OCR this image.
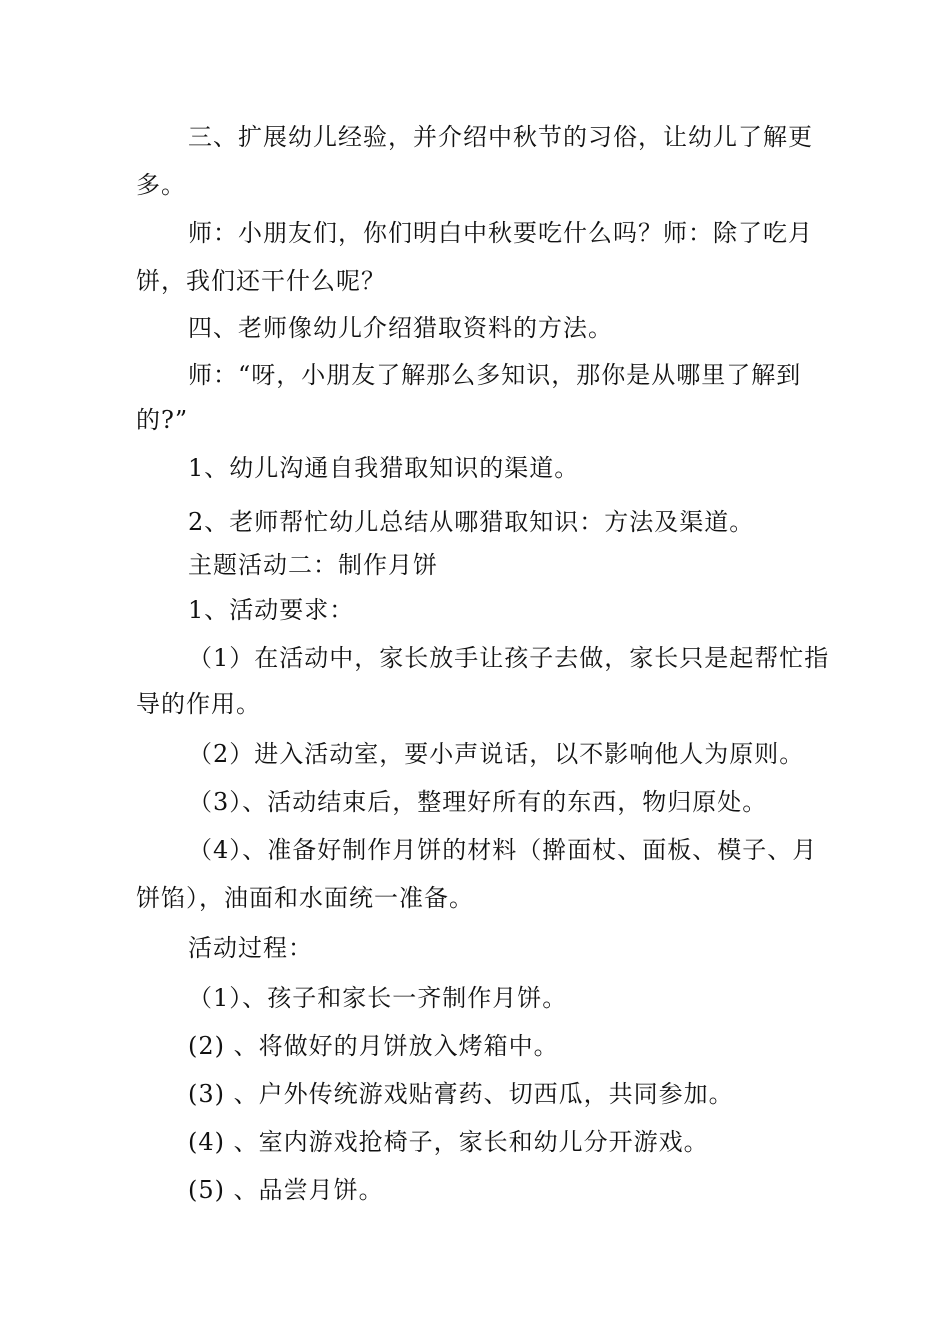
三、扩展幼儿经验，并介绍中秋节的习俗，让幼儿了解更
多。
师：小朋友们，你们明白中秋要吃什么吗？师：除了吃月
饼，我们还干什么呢？
四、老师像幼儿介绍猎取资料的方法。
师：“呀，小朋友了解那么多知识，那你是从哪里了解到
的?”
1、幼儿沟通自我猎取知识的渠道。
2、老师帮忙幼儿总结从哪猎取知识：方法及渠道。
主题活动二：制作月饼
1、活动要求：
（1）在活动中，家长放手让孩子去做，家长只是起帮忙指
导的作用。
（2）进入活动室，要小声说话，以不影响他人为原则。
（3）、活动结束后，整理好所有的东西，物归原处。
（4）、准备好制作月饼的材料（擀面杖、面板、模子、月
饼馅），油面和水面统一准备。
活动过程：
（1）、孩子和家长一齐制作月饼。
(2) 、将做好的月饼放入烤箱中。
(3) 、户外传统游戏贴膏药、切西瓜，共同参加。
(4) 、室内游戏抢椅子，家长和幼儿分开游戏。
(5) 、品尝月饼。
